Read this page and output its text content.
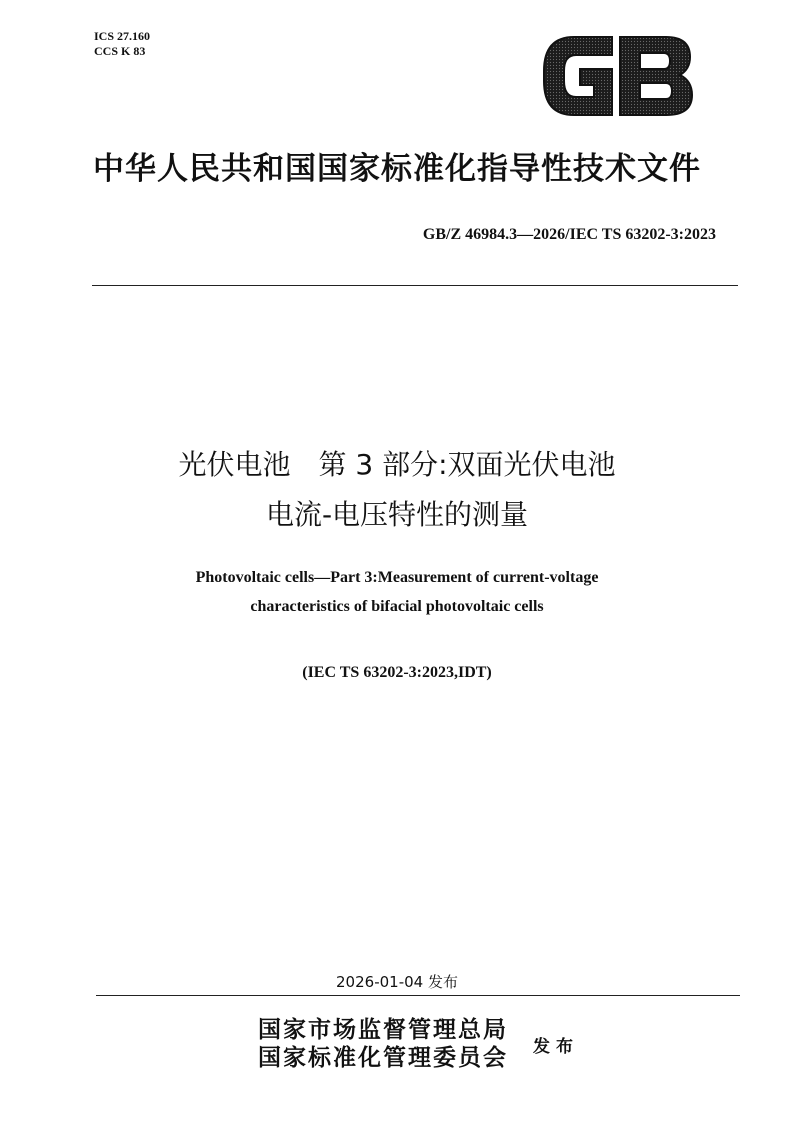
ICS 27.160
CCS K 83
GB
中华人民共和国国家标准化指导性技术文件
GB/Z 46984.3—2026/IEC TS 63202-3:2023
光伏电池　第 3 部分:双面光伏电池
电流-电压特性的测量
Photovoltaic cells—Part 3:Measurement of current-voltage
characteristics of bifacial photovoltaic cells
(IEC TS 63202-3:2023,IDT)
2026-01-04 发布
国家市场监督管理总局
国家标准化管理委员会 发布
